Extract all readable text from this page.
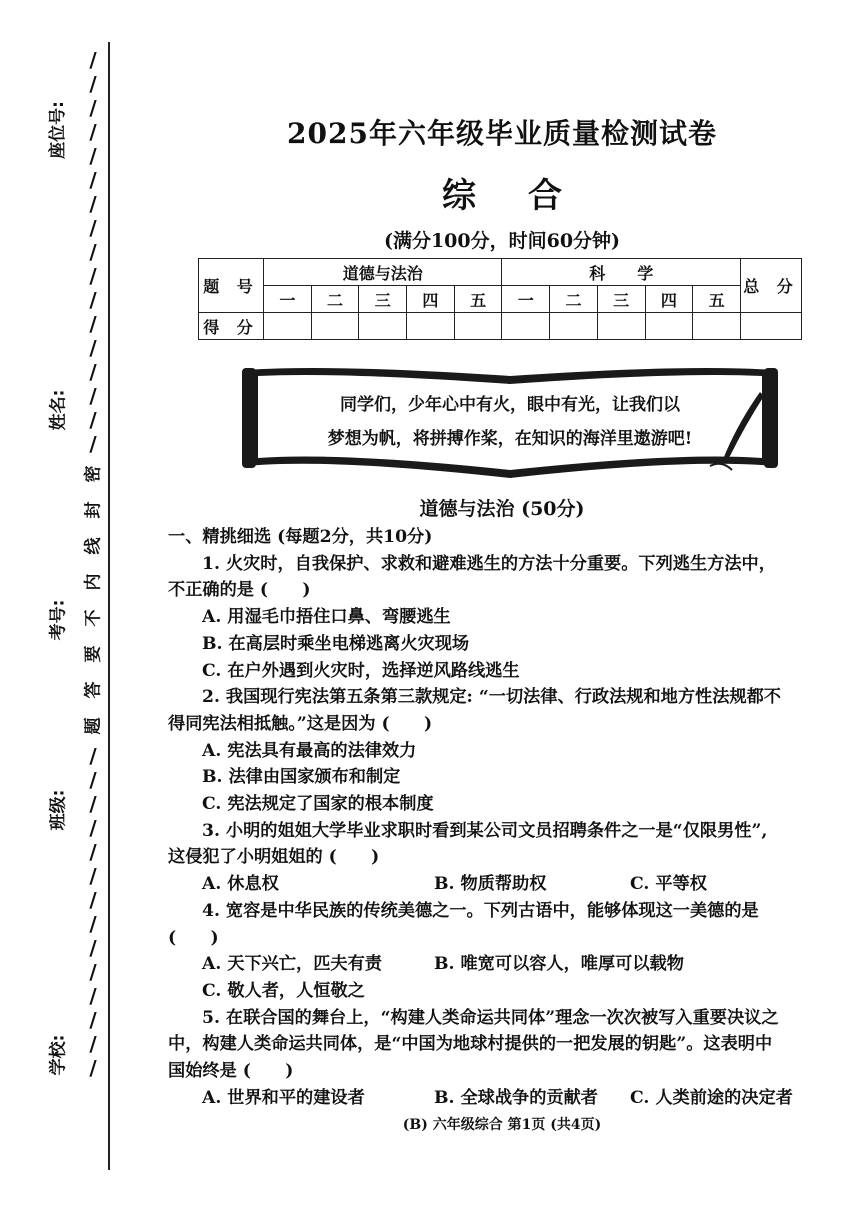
/
/
/
/
/
/
/
/
/
/
/
/
/
/
/
/
/
密
封
线
内
不
要
答
题
/
/
/
/
/
/
/
/
/
/
/
/
/
/
座位号:
姓名:
考号:
班级:
学校:
2025年六年级毕业质量检测试卷
综合
(满分100分，时间60分钟)
题 号	道德与法治					科　　学					总 分
	一	二	三	四	五	一	二	三	四	五	
得 分											
同学们，少年心中有火，眼中有光，让我们以
梦想为帆，将拼搏作桨，在知识的海洋里遨游吧!
道德与法治 (50分)

一、精挑细选 (每题2分，共10分)

1. 火灾时，自我保护、求救和避难逃生的方法十分重要。下列逃生方法中，

不正确的是 (　　)

A. 用湿毛巾捂住口鼻、弯腰逃生

B. 在高层时乘坐电梯逃离火灾现场

C. 在户外遇到火灾时，选择逆风路线逃生

2. 我国现行宪法第五条第三款规定: “一切法律、行政法规和地方性法规都不

得同宪法相抵触。”这是因为 (　　)

A. 宪法具有最高的法律效力

B. 法律由国家颁布和制定

C. 宪法规定了国家的根本制度

3. 小明的姐姐大学毕业求职时看到某公司文员招聘条件之一是“仅限男性”,

这侵犯了小明姐姐的 (　　)

A. 休息权	B. 物质帮助权	C. 平等权

4. 宽容是中华民族的传统美德之一。下列古语中，能够体现这一美德的是

(　　)

A. 天下兴亡，匹夫有责	B. 唯宽可以容人，唯厚可以载物

C. 敬人者，人恒敬之

5. 在联合国的舞台上，“构建人类命运共同体”理念一次次被写入重要决议之

中，构建人类命运共同体，是“中国为地球村提供的一把发展的钥匙”。这表明中

国始终是 (　　)

A. 世界和平的建设者	B. 全球战争的贡献者	C. 人类前途的决定者

(B) 六年级综合 第1页 (共4页)
